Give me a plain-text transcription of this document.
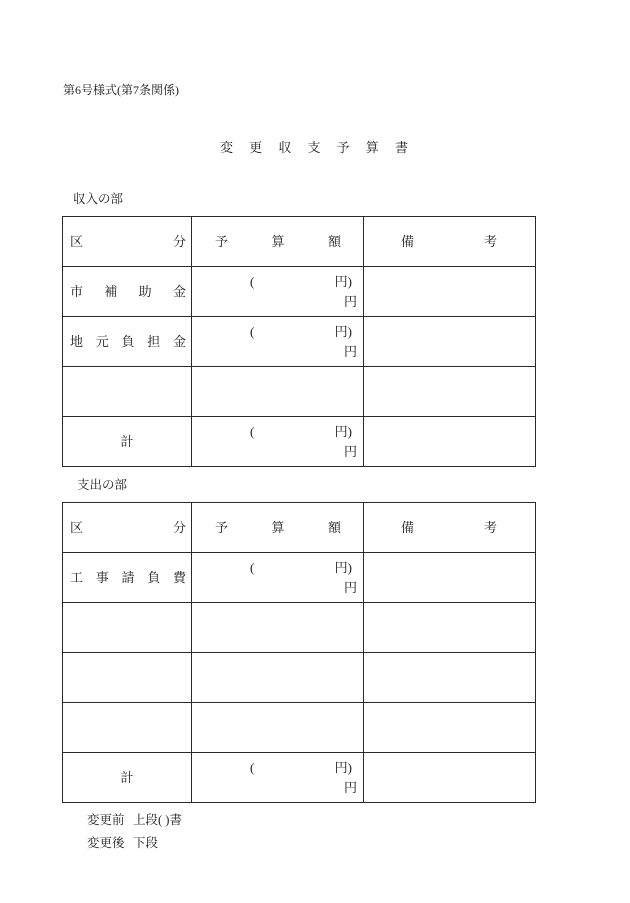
第6号様式(第7条関係)
変 更 収 支 予 算 書
収入の部
区 分	予 算 額	備 考

市 補 助 金	( 円)
円	

地 元 負 担 金	( 円)
円	

計	( 円)
円	

支出の部
区 分	予 算 額	備 考

工 事 請 負 費	( 円)
円	

計	( 円)
円	

変更前 上段( )書
変更後 下段
